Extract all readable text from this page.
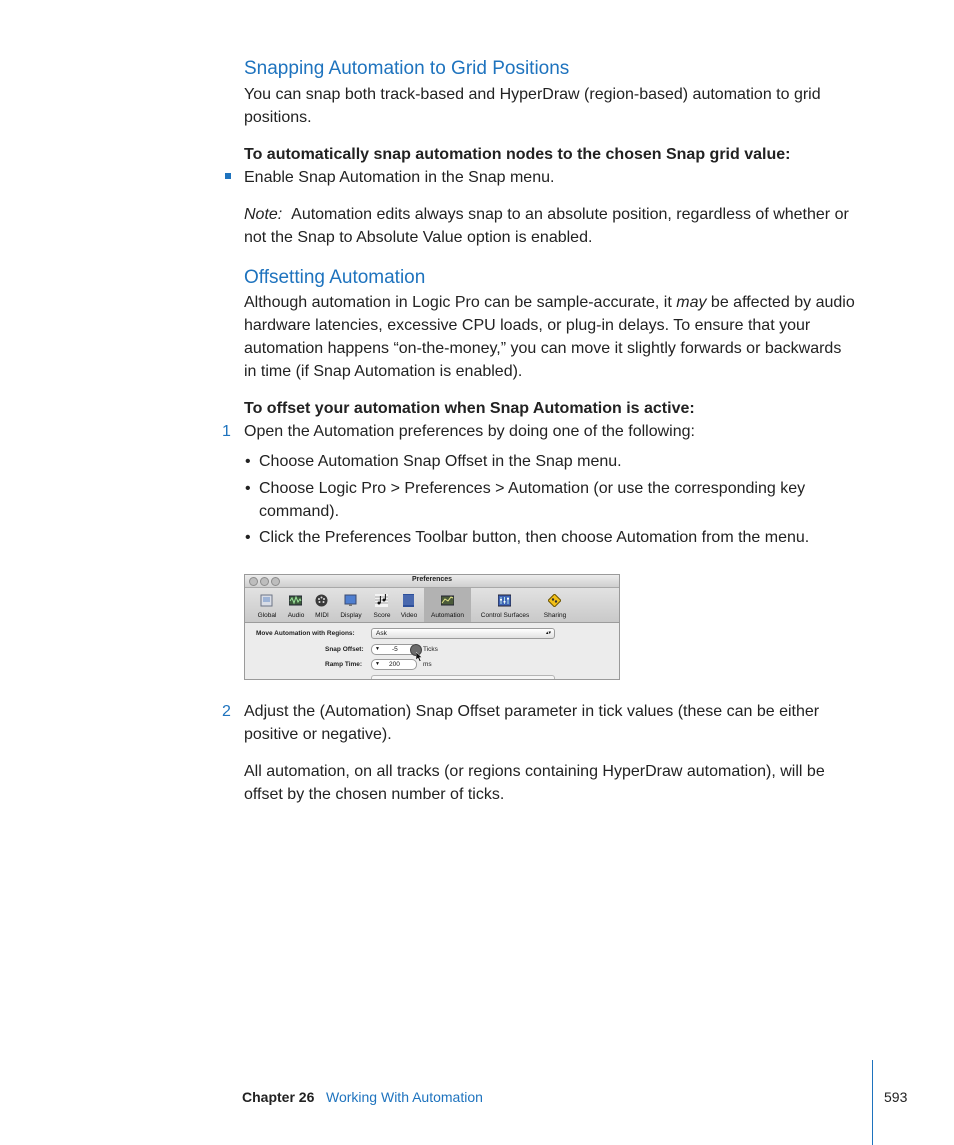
Snapping Automation to Grid Positions
You can snap both track-based and HyperDraw (region-based) automation to grid
positions.
To automatically snap automation nodes to the chosen Snap grid value:
Enable Snap Automation in the Snap menu.
Note: Automation edits always snap to an absolute position, regardless of whether or
not the Snap to Absolute Value option is enabled.
Offsetting Automation
Although automation in Logic Pro can be sample-accurate, it may be affected by audio
hardware latencies, excessive CPU loads, or plug-in delays. To ensure that your
automation happens “on-the-money,” you can move it slightly forwards or backwards
in time (if Snap Automation is enabled).
To offset your automation when Snap Automation is active:
1 Open the Automation preferences by doing one of the following:
• Choose Automation Snap Offset in the Snap menu.
• Choose Logic Pro > Preferences > Automation (or use the corresponding key
command).
• Click the Preferences Toolbar button, then choose Automation from the menu.
Preferences
Global	Audio	MIDI	Display	Score	Video	Automation	Control Surfaces	Sharing
Move Automation with Regions:	Ask	▴▾
Snap Offset: ▼ -5	Ticks
Ramp Time:	▼ 200	ms
2 Adjust the (Automation) Snap Offset parameter in tick values (these can be either
positive or negative).
All automation, on all tracks (or regions containing HyperDraw automation), will be
offset by the chosen number of ticks.
Chapter 26 Working With Automation	593
